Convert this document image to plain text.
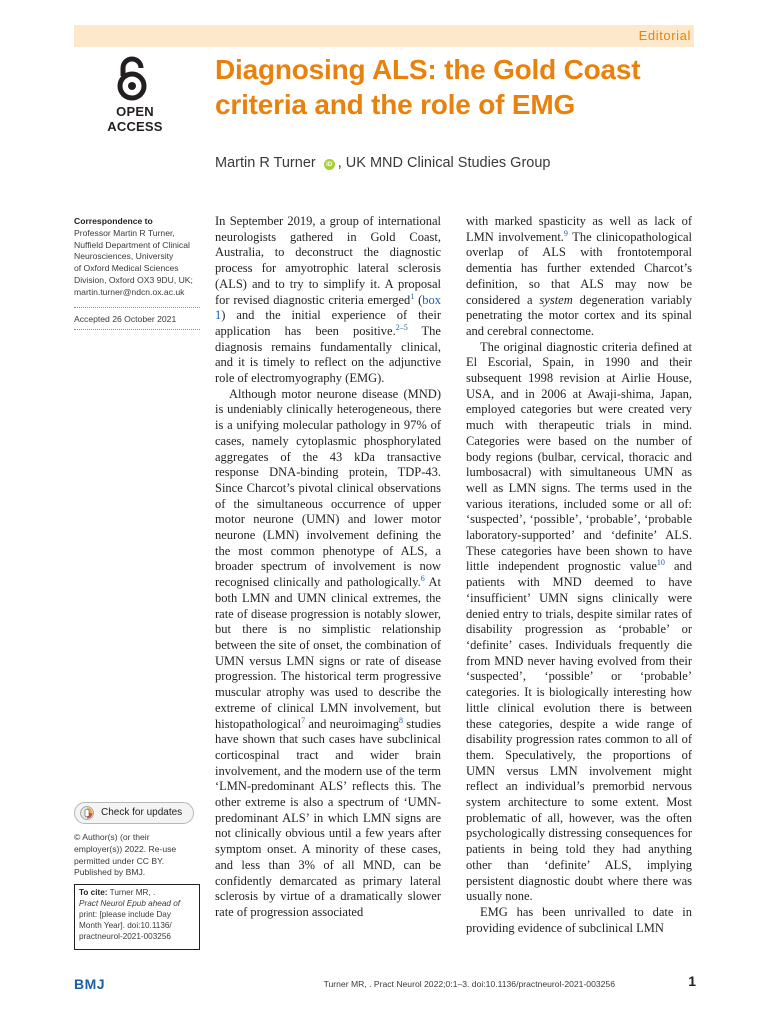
Editorial
OPEN ACCESS
Diagnosing ALS: the Gold Coast criteria and the role of EMG
Martin R Turner iD , UK MND Clinical Studies Group
Correspondence to
Professor Martin R Turner,
Nuffield Department of Clinical
Neurosciences, University
of Oxford Medical Sciences
Division, Oxford OX3 9DU, UK;
martin.turner@ndcn.ox.ac.uk
Accepted 26 October 2021
Check for updates
© Author(s) (or their
employer(s)) 2022. Re-use
permitted under CC BY.
Published by BMJ.
To cite: Turner MR, .
Pract Neurol Epub ahead of
print: [please include Day
Month Year]. doi:10.1136/
practneurol-2021-003256

In September 2019, a group of international neurologists gathered in Gold Coast, Australia, to deconstruct the diagnostic process for amyotrophic lateral sclerosis (ALS) and to try to simplify it. A proposal for revised diagnostic criteria emerged$^1$ (box 1) and the initial experience of their application has been positive.$^{2-5}$ The diagnosis remains fundamentally clinical, and it is timely to reflect on the adjunctive role of electromyography (EMG).

Although motor neurone disease (MND) is undeniably clinically heterogeneous, there is a unifying molecular pathology in 97% of cases, namely cytoplasmic phosphorylated aggregates of the 43 kDa transactive response DNA-binding protein, TDP-43. Since Charcot’s pivotal clinical observations of the simultaneous occurrence of upper motor neurone (UMN) and lower motor neurone (LMN) involvement defining the the most common phenotype of ALS, a broader spectrum of involvement is now recognised clinically and pathologically.$^6$ At both LMN and UMN clinical extremes, the rate of disease progression is notably slower, but there is no simplistic relationship between the site of onset, the combination of UMN versus LMN signs or rate of disease progression. The historical term progressive muscular atrophy was used to describe the extreme of clinical LMN involvement, but histopathological$^7$ and neuroimaging$^8$ studies have shown that such cases have subclinical corticospinal tract and wider brain involvement, and the modern use of the term ‘LMN-predominant ALS’ reflects this. The other extreme is also a spectrum of ‘UMN-predominant ALS’ in which LMN signs are not clinically obvious until a few years after symptom onset. A minority of these cases, and less than 3% of all MND, can be confidently demarcated as primary lateral sclerosis by virtue of a dramatically slower rate of progression associated

with marked spasticity as well as lack of LMN involvement.$^9$ The clinicopathological overlap of ALS with frontotemporal dementia has further extended Charcot’s definition, so that ALS may now be considered a system degeneration variably penetrating the motor cortex and its spinal and cerebral connectome.

The original diagnostic criteria defined at El Escorial, Spain, in 1990 and their subsequent 1998 revision at Airlie House, USA, and in 2006 at Awaji-shima, Japan, employed categories but were created very much with therapeutic trials in mind. Categories were based on the number of body regions (bulbar, cervical, thoracic and lumbosacral) with simultaneous UMN as well as LMN signs. The terms used in the various iterations, included some or all of: ‘suspected’, ‘possible’, ‘probable’, ‘probable laboratory-supported’ and ‘definite’ ALS. These categories have been shown to have little independent prognostic value$^{10}$ and patients with MND deemed to have ‘insufficient’ UMN signs clinically were denied entry to trials, despite similar rates of disability progression as ‘probable’ or ‘definite’ cases. Individuals frequently die from MND never having evolved from their ‘suspected’, ‘possible’ or ‘probable’ categories. It is biologically interesting how little clinical evolution there is between these categories, despite a wide range of disability progression rates common to all of them. Speculatively, the proportions of UMN versus LMN involvement might reflect an individual’s premorbid nervous system architecture to some extent. Most problematic of all, however, was the often psychologically distressing consequences for patients in being told they had anything other than ‘definite’ ALS, implying persistent diagnostic doubt where there was usually none.

EMG has been unrivalled to date in providing evidence of subclinical LMN

BMJ	Turner MR, . Pract Neurol 2022;0:1–3. doi:10.1136/practneurol-2021-003256	1
